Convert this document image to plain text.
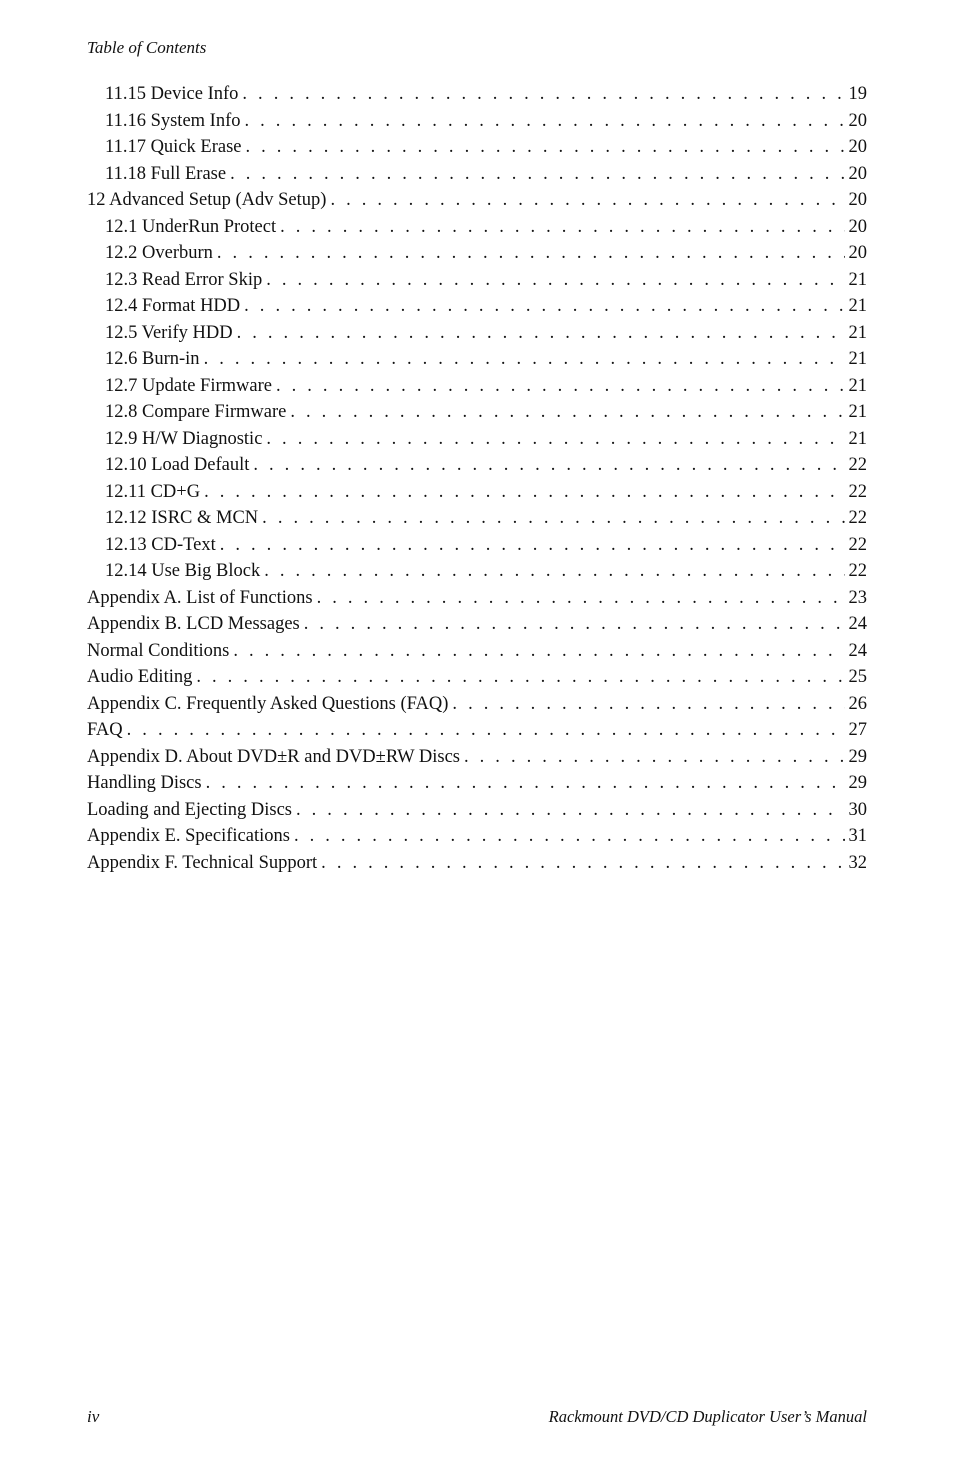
Table of Contents
11.15 Device Info . . .	19
11.16 System Info . . .	20
11.17 Quick Erase . . .	20
11.18 Full Erase . . .	20
12 Advanced Setup (Adv Setup) . . .	20
12.1 UnderRun Protect . . .	20
12.2 Overburn . . .	20
12.3 Read Error Skip . . .	21
12.4 Format HDD . . .	21
12.5 Verify HDD . . .	21
12.6 Burn-in . . .	21
12.7 Update Firmware . . .	21
12.8 Compare Firmware . . .	21
12.9 H/W Diagnostic . . .	21
12.10 Load Default . . .	22
12.11 CD+G . . .	22
12.12 ISRC & MCN . . .	22
12.13 CD-Text . . .	22
12.14 Use Big Block . . .	22
Appendix A. List of Functions . . .	23
Appendix B. LCD Messages . . .	24
Normal Conditions . . .	24
Audio Editing . . .	25
Appendix C. Frequently Asked Questions (FAQ) . . .	26
FAQ . . .	27
Appendix D. About DVD±R and DVD±RW Discs . . .	29
Handling Discs . . .	29
Loading and Ejecting Discs . . .	30
Appendix E. Specifications . . .	31
Appendix F. Technical Support . . .	32
iv	Rackmount DVD/CD Duplicator User’s Manual
